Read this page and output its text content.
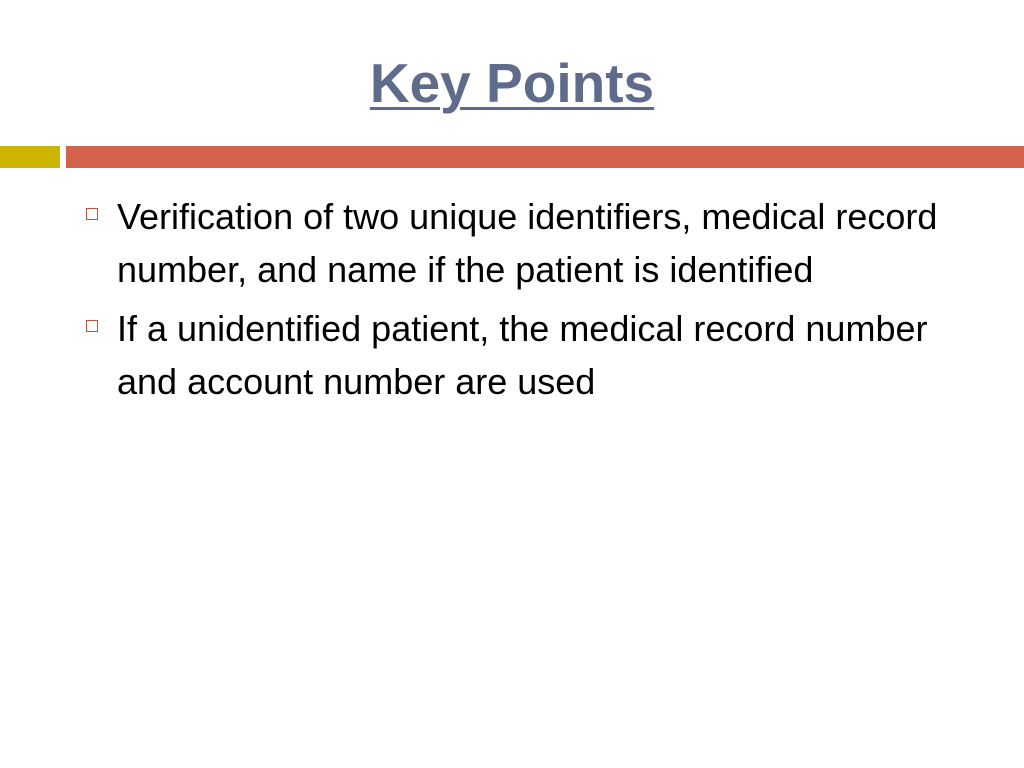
Key Points
Verification of two unique identifiers, medical record number, and name if the patient is identified
If a unidentified patient, the medical record number and account number are used
